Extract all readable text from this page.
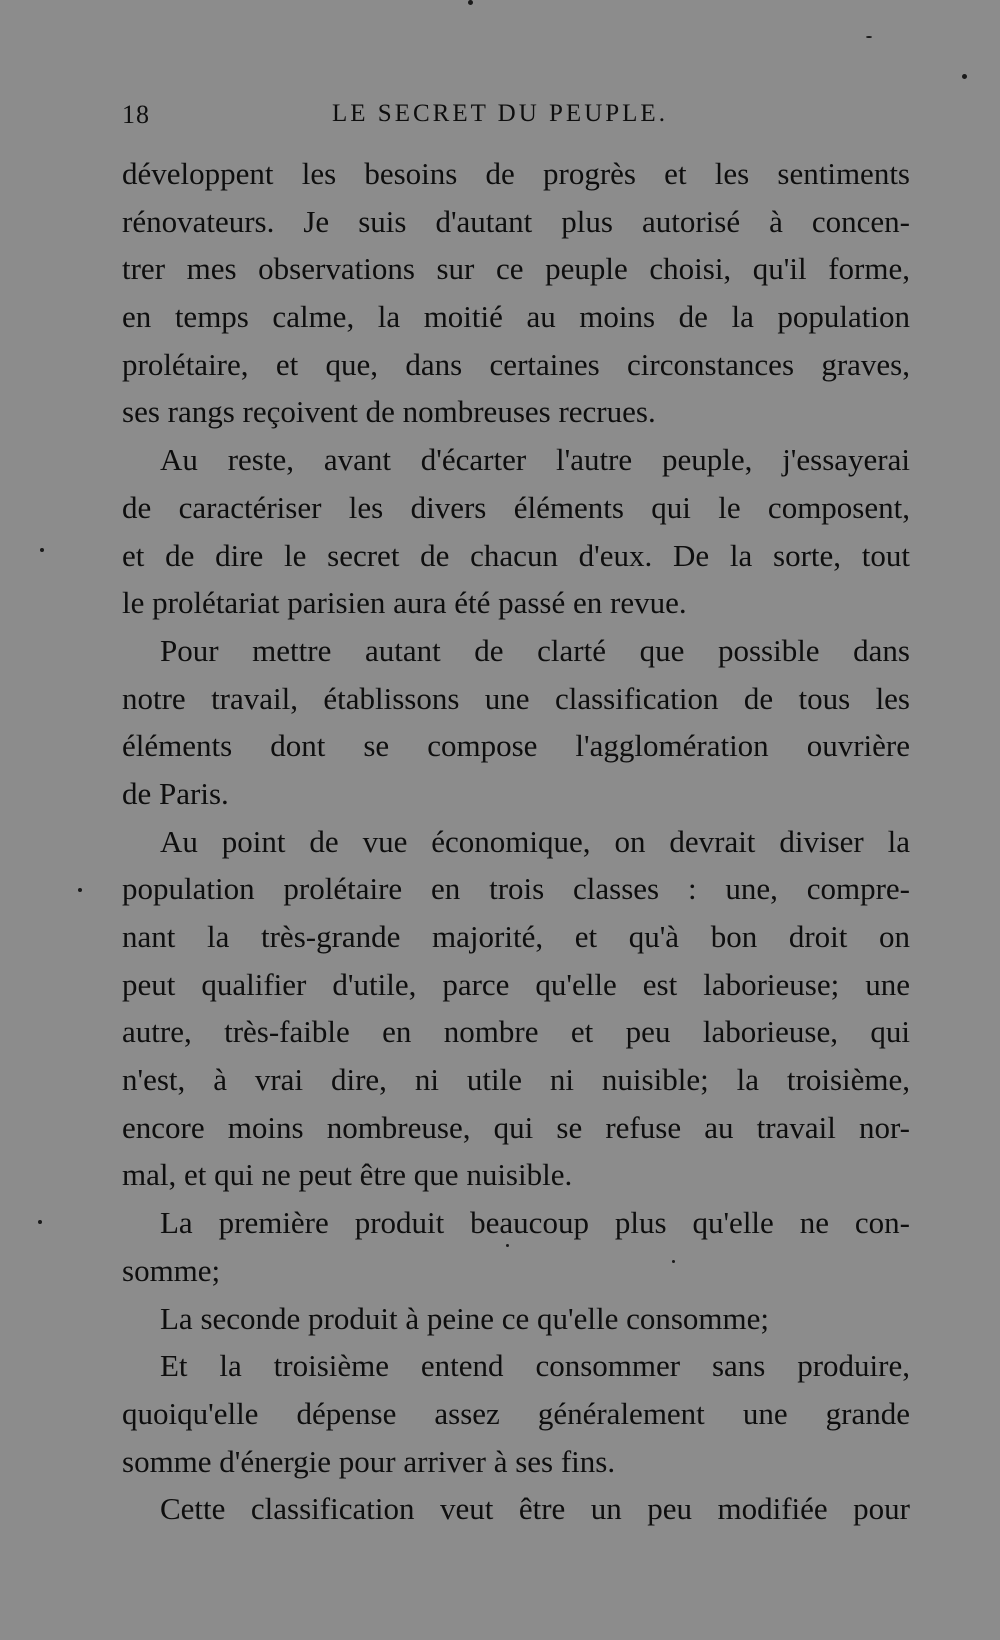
18	LE SECRET DU PEUPLE.
développent les besoins de progrès et les sentiments
rénovateurs. Je suis d'autant plus autorisé à concen-
trer mes observations sur ce peuple choisi, qu'il forme,
en temps calme, la moitié au moins de la population
prolétaire, et que, dans certaines circonstances graves,
ses rangs reçoivent de nombreuses recrues.
Au reste, avant d'écarter l'autre peuple, j'essayerai
de caractériser les divers éléments qui le composent,
et de dire le secret de chacun d'eux. De la sorte, tout
le prolétariat parisien aura été passé en revue.
Pour mettre autant de clarté que possible dans
notre travail, établissons une classification de tous les
éléments dont se compose l'agglomération ouvrière
de Paris.
Au point de vue économique, on devrait diviser la
population prolétaire en trois classes : une, compre-
nant la très-grande majorité, et qu'à bon droit on
peut qualifier d'utile, parce qu'elle est laborieuse; une
autre, très-faible en nombre et peu laborieuse, qui
n'est, à vrai dire, ni utile ni nuisible; la troisième,
encore moins nombreuse, qui se refuse au travail nor-
mal, et qui ne peut être que nuisible.
La première produit beaucoup plus qu'elle ne con-
somme;
La seconde produit à peine ce qu'elle consomme;
Et la troisième entend consommer sans produire,
quoiqu'elle dépense assez généralement une grande
somme d'énergie pour arriver à ses fins.
Cette classification veut être un peu modifiée pour
